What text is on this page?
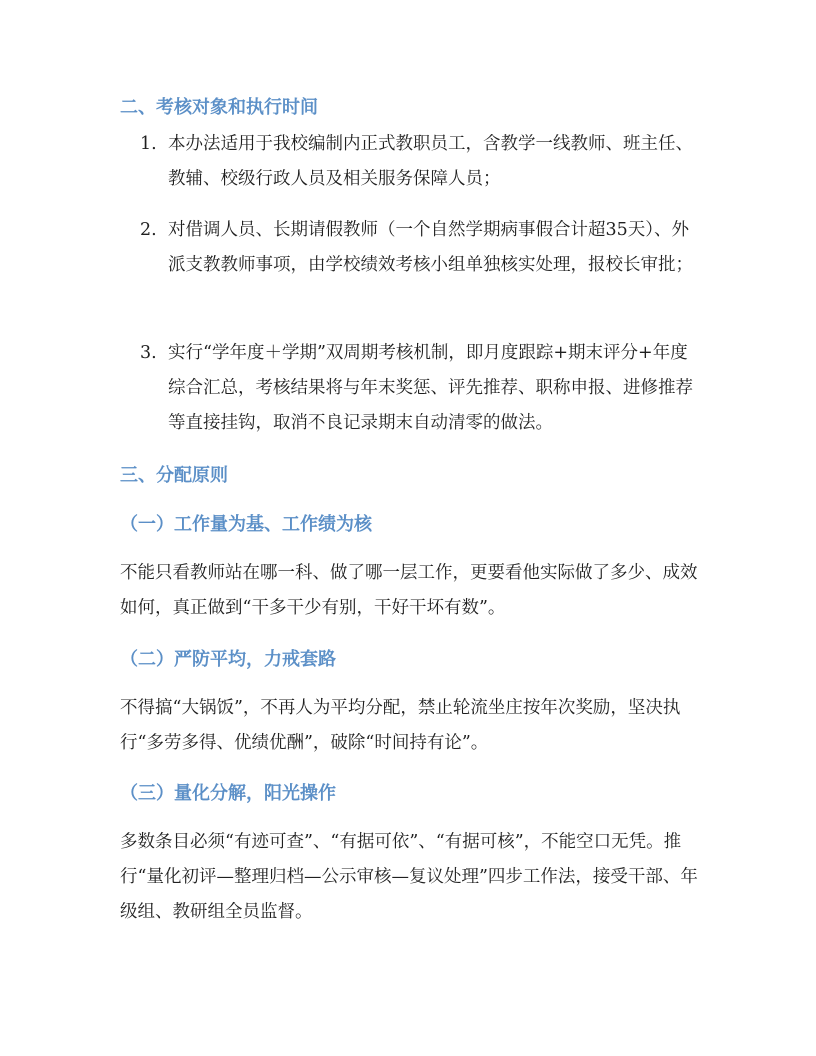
二、考核对象和执行时间
1. 本办法适用于我校编制内正式教职员工，含教学一线教师、班主任、教辅、校级行政人员及相关服务保障人员；
2. 对借调人员、长期请假教师（一个自然学期病事假合计超35天）、外派支教教师事项，由学校绩效考核小组单独核实处理，报校长审批；
3. 实行“学年度＋学期”双周期考核机制，即月度跟踪+期末评分+年度综合汇总，考核结果将与年末奖惩、评先推荐、职称申报、进修推荐等直接挂钩，取消不良记录期末自动清零的做法。
三、分配原则
（一）工作量为基、工作绩为核
不能只看教师站在哪一科、做了哪一层工作，更要看他实际做了多少、成效如何，真正做到“干多干少有别，干好干坏有数”。
（二）严防平均，力戒套路
不得搞“大锅饭”，不再人为平均分配，禁止轮流坐庄按年次奖励，坚决执行“多劳多得、优绩优酬”，破除“时间持有论”。
（三）量化分解，阳光操作
多数条目必须“有迹可查”、“有据可依”、“有据可核”，不能空口无凭。推行“量化初评—整理归档—公示审核—复议处理”四步工作法，接受干部、年级组、教研组全员监督。
